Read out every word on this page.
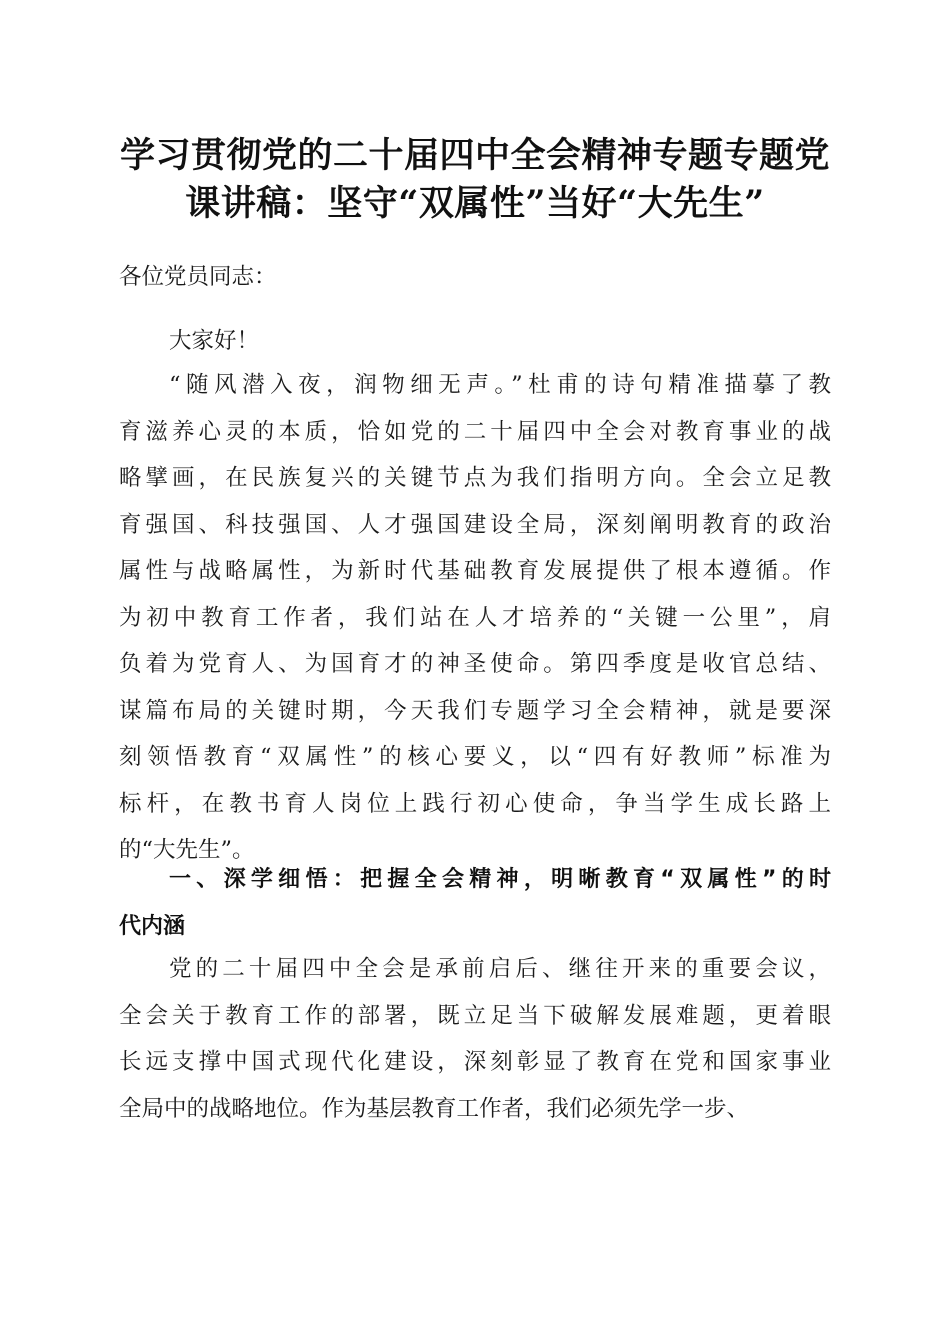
学习贯彻党的二十届四中全会精神专题专题党
课讲稿：坚守“双属性”当好“大先生”
各位党员同志：
大家好！
“随风潜入夜，润物细无声。”杜甫的诗句精准描摹了教
育滋养心灵的本质，恰如党的二十届四中全会对教育事业的战
略擘画，在民族复兴的关键节点为我们指明方向。全会立足教
育强国、科技强国、人才强国建设全局，深刻阐明教育的政治
属性与战略属性，为新时代基础教育发展提供了根本遵循。作
为初中教育工作者，我们站在人才培养的“关键一公里”，肩
负着为党育人、为国育才的神圣使命。第四季度是收官总结、
谋篇布局的关键时期，今天我们专题学习全会精神，就是要深
刻领悟教育“双属性”的核心要义，以“四有好教师”标准为
标杆，在教书育人岗位上践行初心使命，争当学生成长路上
的“大先生”。
一、深学细悟：把握全会精神，明晰教育“双属性”的时
代内涵
党的二十届四中全会是承前启后、继往开来的重要会议，
全会关于教育工作的部署，既立足当下破解发展难题，更着眼
长远支撑中国式现代化建设，深刻彰显了教育在党和国家事业
全局中的战略地位。作为基层教育工作者，我们必须先学一步、
